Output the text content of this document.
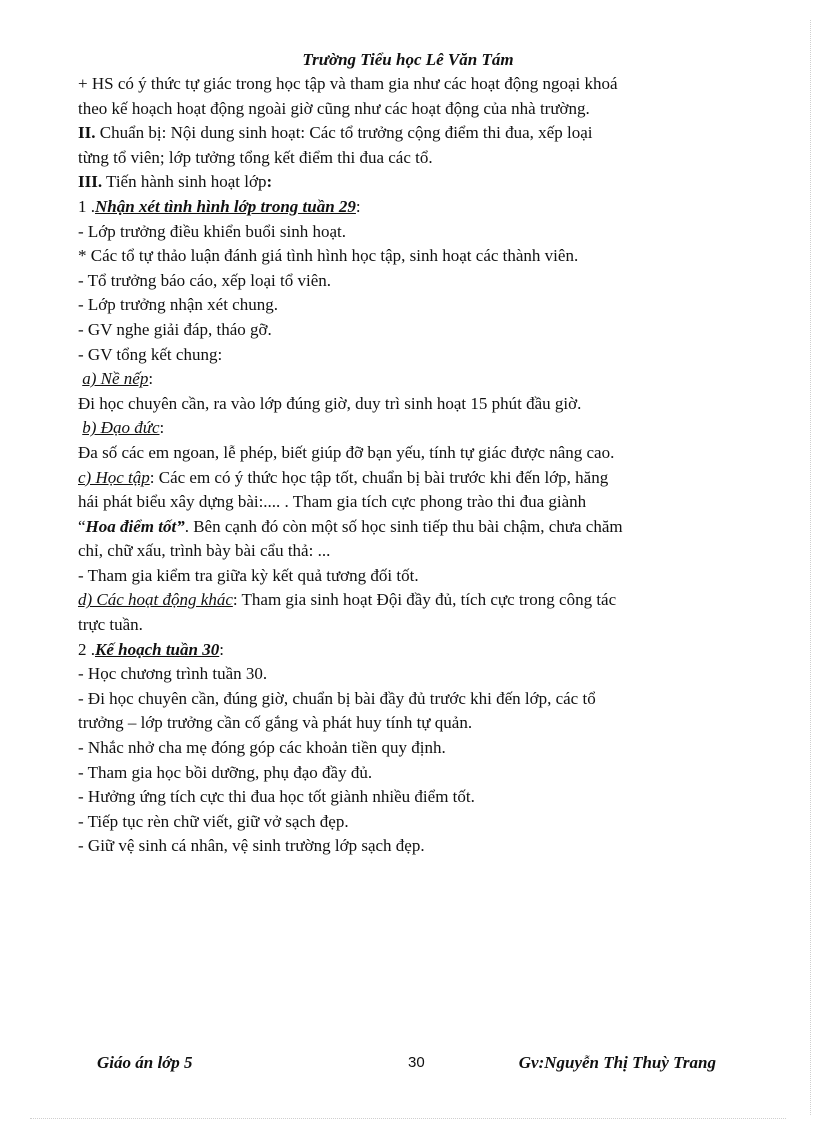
Trường Tiểu học Lê Văn Tám

+ HS có ý thức tự giác trong học tập và tham gia như các hoạt động ngoại khoá

theo kế hoạch hoạt động ngoài giờ cũng như các hoạt động của nhà trường.

II. Chuẩn bị: Nội dung sinh hoạt: Các tổ trưởng cộng điểm thi đua, xếp loại

từng tổ viên; lớp tưởng tổng kết điểm thi đua các tổ.

III. Tiến hành sinh hoạt lớp:

1 .Nhận xét tình hình lớp trong tuần 29:

- Lớp trưởng điều khiển buổi sinh hoạt.

* Các tổ tự thảo luận đánh giá tình hình học tập, sinh hoạt các thành viên.

- Tổ trưởng báo cáo, xếp loại tổ viên.

- Lớp trưởng nhận xét chung.

- GV nghe giải đáp, tháo gỡ.

- GV tổng kết chung:

a) Nề nếp:

Đi học chuyên cần, ra vào lớp đúng giờ, duy trì sinh hoạt 15 phút đầu giờ.

b) Đạo đức:

Đa số các em ngoan, lễ phép, biết giúp đỡ bạn yếu, tính tự giác được nâng cao.

c) Học tập: Các em có ý thức học tập tốt, chuẩn bị bài trước khi đến lớp, hăng

hái phát biểu xây dựng bài:.... . Tham gia tích cực phong trào thi đua giành

“Hoa điểm tốt”. Bên cạnh đó còn một số học sinh tiếp thu bài chậm, chưa chăm

chỉ, chữ xấu, trình bày bài cẩu thả: ...

- Tham gia kiểm tra giữa kỳ kết quả tương đối tốt.

d) Các hoạt động khác: Tham gia sinh hoạt Đội đầy đủ, tích cực trong công tác

trực tuần.

2 .Kế hoạch tuần 30:

- Học chương trình tuần 30.

- Đi học chuyên cần, đúng giờ, chuẩn bị bài đầy đủ trước khi đến lớp, các tổ

trưởng – lớp trưởng cần cố gắng và phát huy tính tự quản.

- Nhắc nhở cha mẹ đóng góp các khoản tiền quy định.

- Tham gia học bồi dưỡng, phụ đạo đầy đủ.

- Hưởng ứng tích cực thi đua học tốt giành nhiều điểm tốt.

- Tiếp tục rèn chữ viết, giữ vở sạch đẹp.

- Giữ vệ sinh cá nhân, vệ sinh trường lớp sạch đẹp.

Giáo án lớp 5	30	Gv:Nguyễn Thị Thuỳ Trang
